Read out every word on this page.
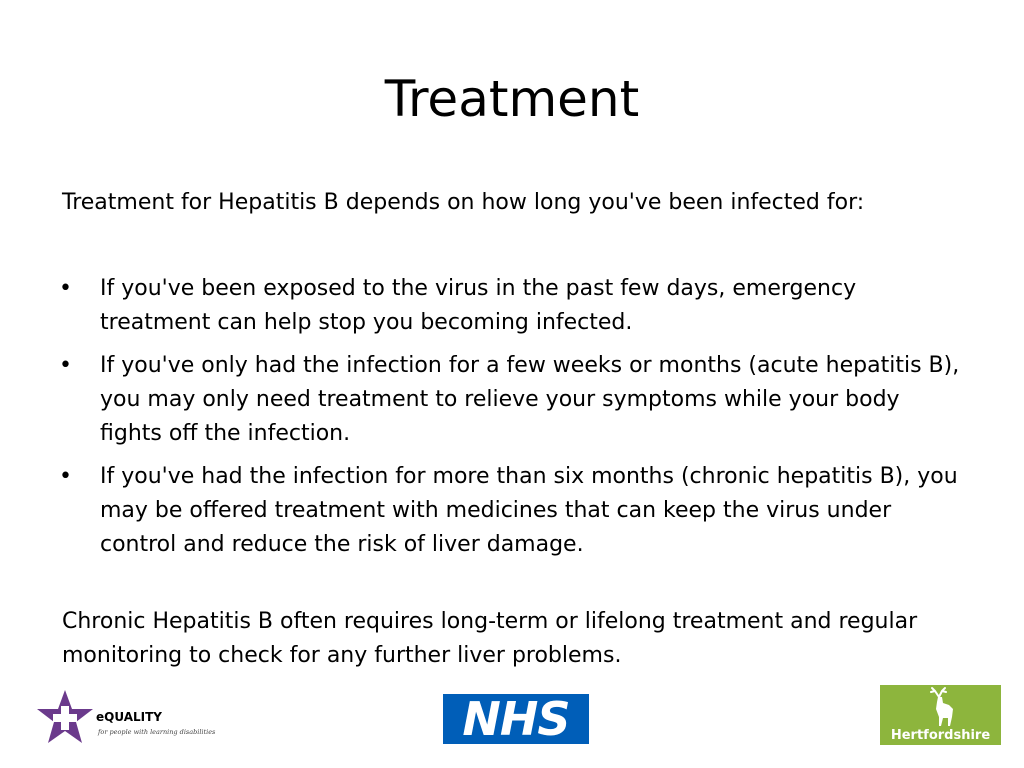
Treatment

Treatment for Hepatitis B depends on how long you've been infected for:

• If you've been exposed to the virus in the past few days, emergency treatment can help stop you becoming infected.
• If you've only had the infection for a few weeks or months (acute hepatitis B), you may only need treatment to relieve your symptoms while your body fights off the infection.
• If you've had the infection for more than six months (chronic hepatitis B), you may be offered treatment with medicines that can keep the virus under control and reduce the risk of liver damage.

Chronic Hepatitis B often requires long-term or lifelong treatment and regular monitoring to check for any further liver problems.

eQUALITY
for people with learning disabilities	NHS	Hertfordshire
